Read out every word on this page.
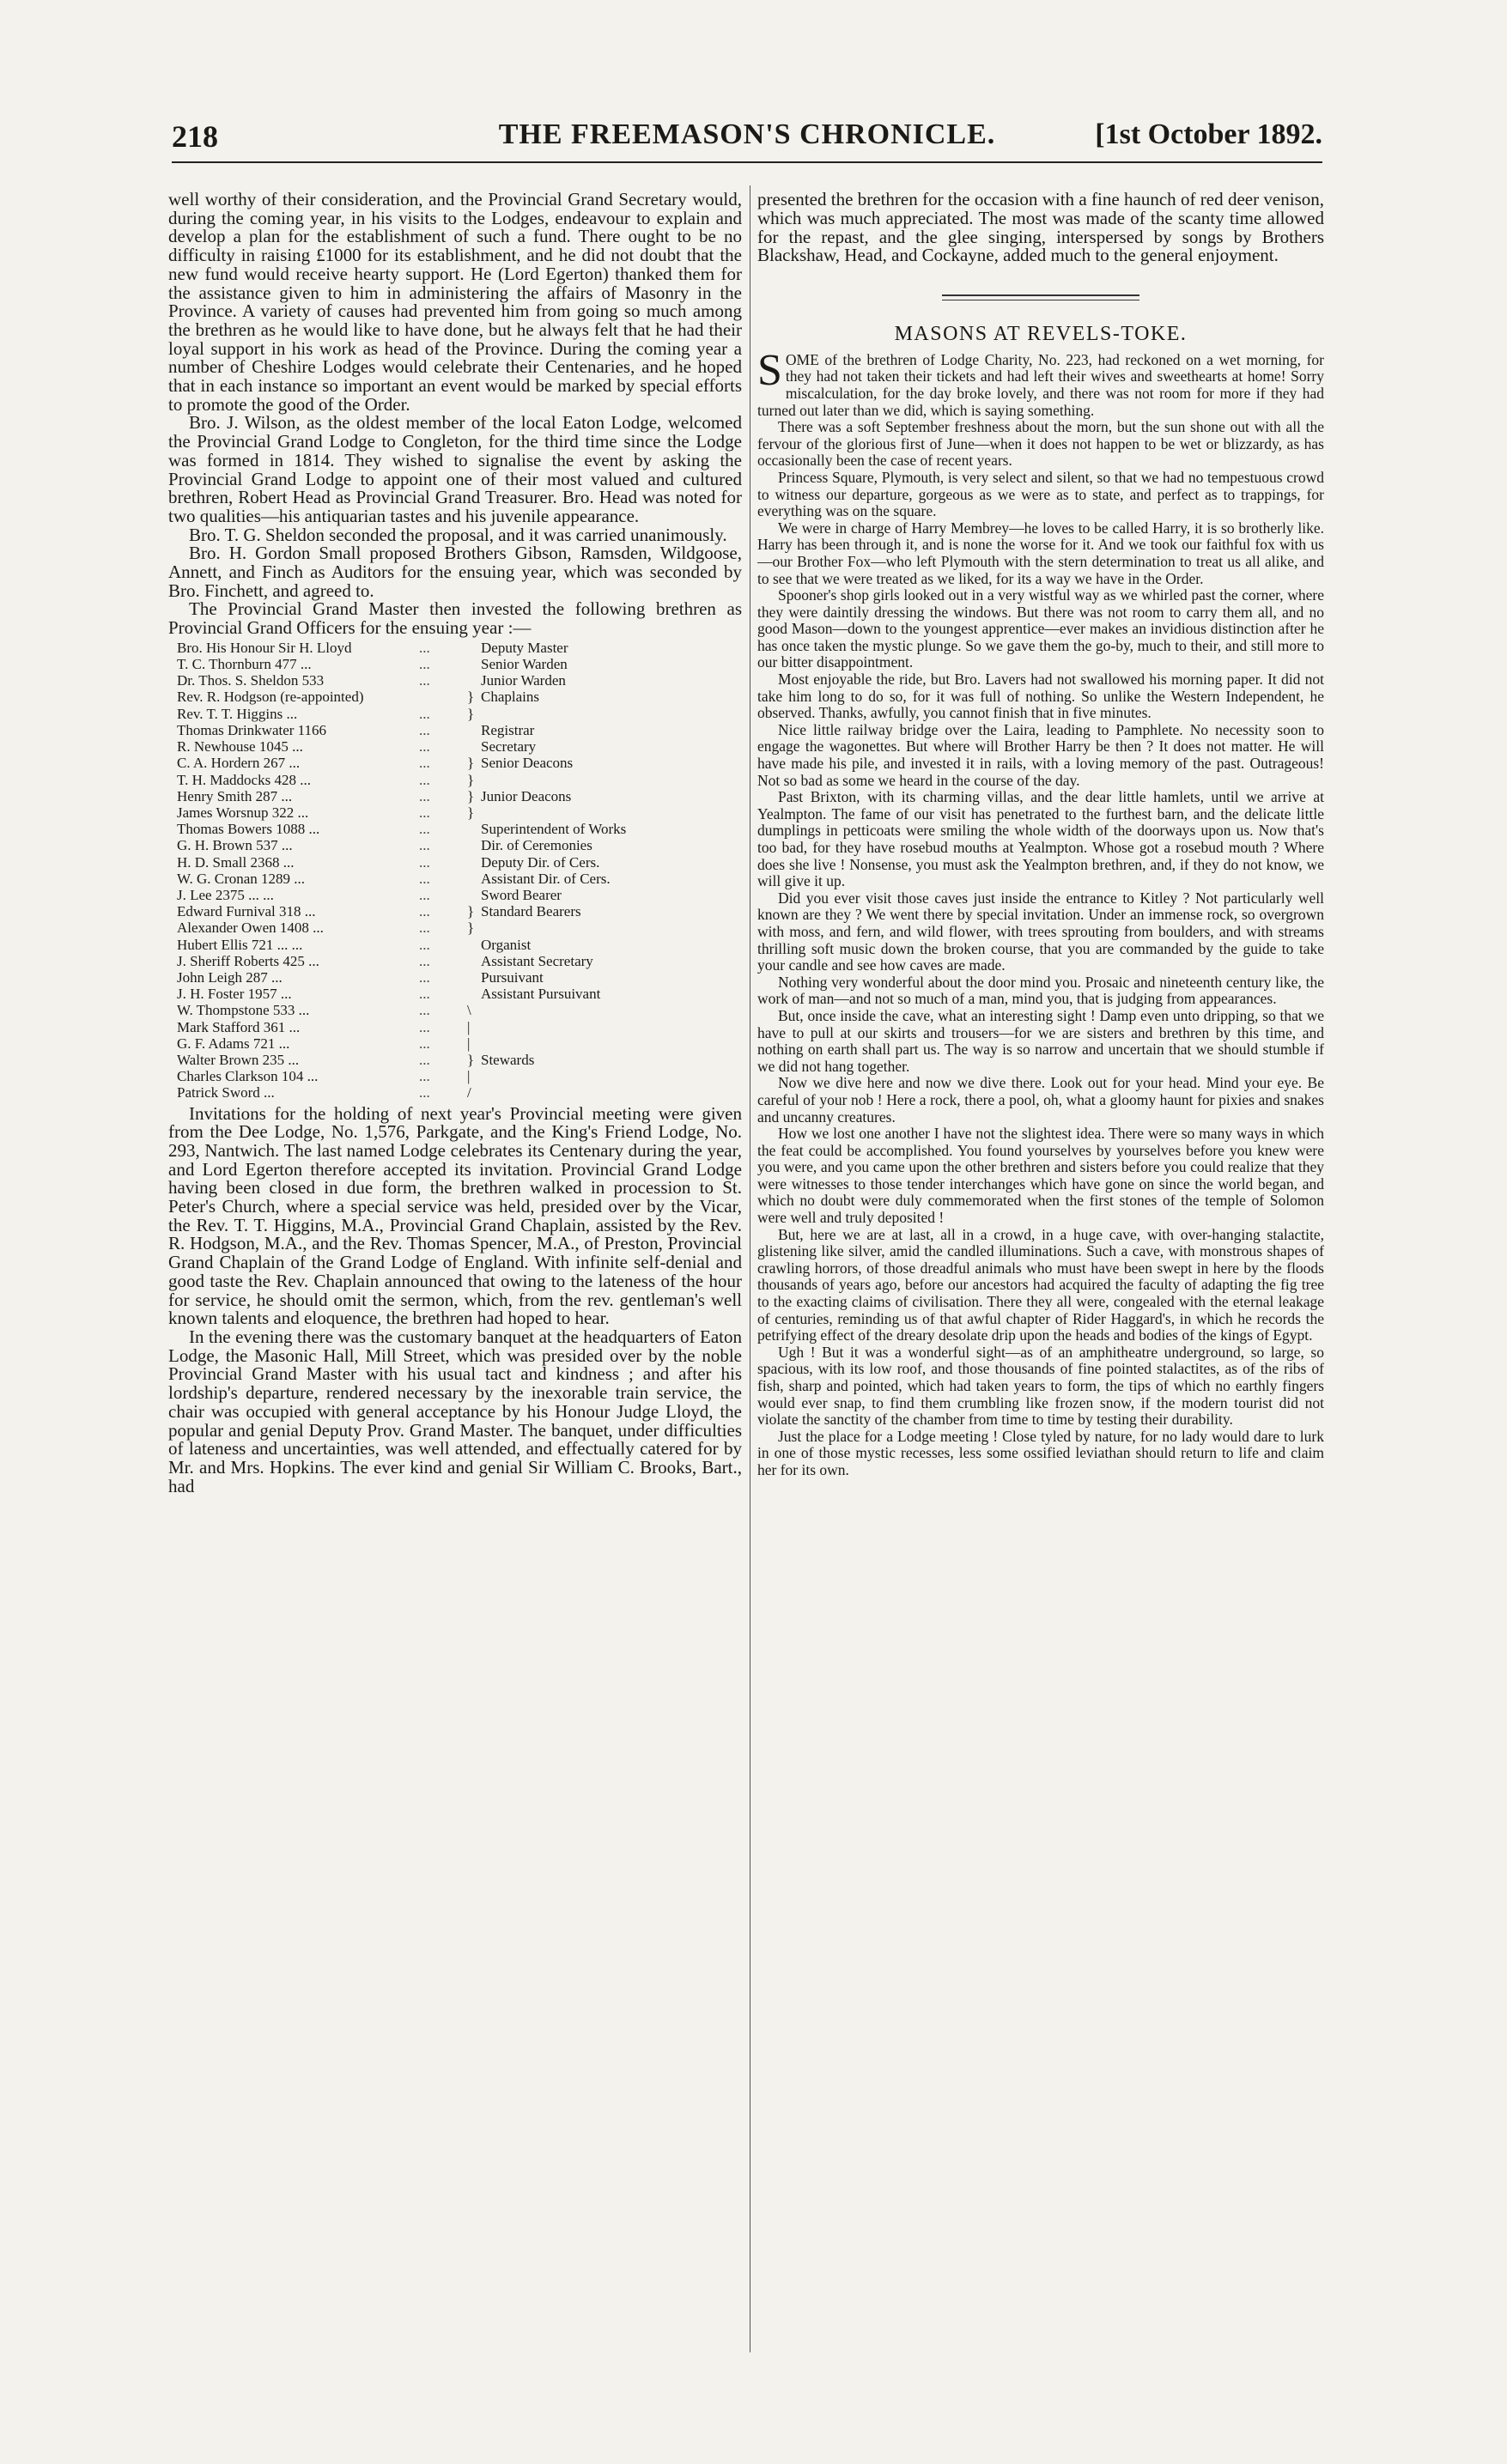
218	THE FREEMASON'S CHRONICLE.	[1st October 1892.

well worthy of their consideration, and the Provincial Grand Secretary would, during the coming year, in his visits to the Lodges, endeavour to explain and develop a plan for the establishment of such a fund. There ought to be no difficulty in raising £1000 for its establishment, and he did not doubt that the new fund would receive hearty support. He (Lord Egerton) thanked them for the assistance given to him in administering the affairs of Masonry in the Province. A variety of causes had prevented him from going so much among the brethren as he would like to have done, but he always felt that he had their loyal support in his work as head of the Province. During the coming year a number of Cheshire Lodges would celebrate their Centenaries, and he hoped that in each instance so important an event would be marked by special efforts to promote the good of the Order.

Bro. J. Wilson, as the oldest member of the local Eaton Lodge, welcomed the Provincial Grand Lodge to Congleton, for the third time since the Lodge was formed in 1814. They wished to signalise the event by asking the Provincial Grand Lodge to appoint one of their most valued and cultured brethren, Robert Head as Provincial Grand Treasurer. Bro. Head was noted for two qualities—his antiquarian tastes and his juvenile appearance.

Bro. T. G. Sheldon seconded the proposal, and it was carried unanimously.

Bro. H. Gordon Small proposed Brothers Gibson, Ramsden, Wildgoose, Annett, and Finch as Auditors for the ensuing year, which was seconded by Bro. Finchett, and agreed to.

The Provincial Grand Master then invested the following brethren as Provincial Grand Officers for the ensuing year :—

Bro. His Honour Sir H. Lloyd	...		Deputy Master
T. C. Thornburn 477 ...	...		Senior Warden
Dr. Thos. S. Sheldon 533	...		Junior Warden
Rev. R. Hodgson (re-appointed)		}	Chaplains
Rev. T. T. Higgins ...	...	}	
Thomas Drinkwater 1166	...		Registrar
R. Newhouse 1045 ...	...		Secretary
C. A. Hordern 267 ...	...	}	Senior Deacons
T. H. Maddocks 428 ...	...	}	
Henry Smith 287 ...	...	}	Junior Deacons
James Worsnup 322 ...	...	}	
Thomas Bowers 1088 ...	...		Superintendent of Works
G. H. Brown 537 ...	...		Dir. of Ceremonies
H. D. Small 2368 ...	...		Deputy Dir. of Cers.
W. G. Cronan 1289 ...	...		Assistant Dir. of Cers.
J. Lee 2375 ... ...	...		Sword Bearer
Edward Furnival 318 ...	...	}	Standard Bearers
Alexander Owen 1408 ...	...	}	
Hubert Ellis 721 ... ...	...		Organist
J. Sheriff Roberts 425 ...	...		Assistant Secretary
John Leigh 287 ...	...		Pursuivant
J. H. Foster 1957 ...	...		Assistant Pursuivant
W. Thompstone 533 ...	...	\	
Mark Stafford 361 ...	...	|	
G. F. Adams 721 ...	...	|	
Walter Brown 235 ...	...	}	Stewards
Charles Clarkson 104 ...	...	|	
Patrick Sword ...	...	/	

Invitations for the holding of next year's Provincial meeting were given from the Dee Lodge, No. 1,576, Parkgate, and the King's Friend Lodge, No. 293, Nantwich. The last named Lodge celebrates its Centenary during the year, and Lord Egerton therefore accepted its invitation. Provincial Grand Lodge having been closed in due form, the brethren walked in procession to St. Peter's Church, where a special service was held, presided over by the Vicar, the Rev. T. T. Higgins, M.A., Provincial Grand Chaplain, assisted by the Rev. R. Hodgson, M.A., and the Rev. Thomas Spencer, M.A., of Preston, Provincial Grand Chaplain of the Grand Lodge of England. With infinite self-denial and good taste the Rev. Chaplain announced that owing to the lateness of the hour for service, he should omit the sermon, which, from the rev. gentleman's well known talents and eloquence, the brethren had hoped to hear.

In the evening there was the customary banquet at the headquarters of Eaton Lodge, the Masonic Hall, Mill Street, which was presided over by the noble Provincial Grand Master with his usual tact and kindness ; and after his lordship's departure, rendered necessary by the inexorable train service, the chair was occupied with general acceptance by his Honour Judge Lloyd, the popular and genial Deputy Prov. Grand Master. The banquet, under difficulties of lateness and uncertainties, was well attended, and effectually catered for by Mr. and Mrs. Hopkins. The ever kind and genial Sir William C. Brooks, Bart., had

presented the brethren for the occasion with a fine haunch of red deer venison, which was much appreciated. The most was made of the scanty time allowed for the repast, and the glee singing, interspersed by songs by Brothers Blackshaw, Head, and Cockayne, added much to the general enjoyment.

MASONS AT REVELS-TOKE.

SOME of the brethren of Lodge Charity, No. 223, had reckoned on a wet morning, for they had not taken their tickets and had left their wives and sweethearts at home! Sorry miscalculation, for the day broke lovely, and there was not room for more if they had turned out later than we did, which is saying something.

There was a soft September freshness about the morn, but the sun shone out with all the fervour of the glorious first of June—when it does not happen to be wet or blizzardy, as has occasionally been the case of recent years.

Princess Square, Plymouth, is very select and silent, so that we had no tempestuous crowd to witness our departure, gorgeous as we were as to state, and perfect as to trappings, for everything was on the square.

We were in charge of Harry Membrey—he loves to be called Harry, it is so brotherly like. Harry has been through it, and is none the worse for it. And we took our faithful fox with us—our Brother Fox—who left Plymouth with the stern determination to treat us all alike, and to see that we were treated as we liked, for its a way we have in the Order.

Spooner's shop girls looked out in a very wistful way as we whirled past the corner, where they were daintily dressing the windows. But there was not room to carry them all, and no good Mason—down to the youngest apprentice—ever makes an invidious distinction after he has once taken the mystic plunge. So we gave them the go-by, much to their, and still more to our bitter disappointment.

Most enjoyable the ride, but Bro. Lavers had not swallowed his morning paper. It did not take him long to do so, for it was full of nothing. So unlike the Western Independent, he observed. Thanks, awfully, you cannot finish that in five minutes.

Nice little railway bridge over the Laira, leading to Pamphlete. No necessity soon to engage the wagonettes. But where will Brother Harry be then ? It does not matter. He will have made his pile, and invested it in rails, with a loving memory of the past. Outrageous! Not so bad as some we heard in the course of the day.

Past Brixton, with its charming villas, and the dear little hamlets, until we arrive at Yealmpton. The fame of our visit has penetrated to the furthest barn, and the delicate little dumplings in petticoats were smiling the whole width of the doorways upon us. Now that's too bad, for they have rosebud mouths at Yealmpton. Whose got a rosebud mouth ? Where does she live ! Nonsense, you must ask the Yealmpton brethren, and, if they do not know, we will give it up.

Did you ever visit those caves just inside the entrance to Kitley ? Not particularly well known are they ? We went there by special invitation. Under an immense rock, so overgrown with moss, and fern, and wild flower, with trees sprouting from boulders, and with streams thrilling soft music down the broken course, that you are commanded by the guide to take your candle and see how caves are made.

Nothing very wonderful about the door mind you. Prosaic and nineteenth century like, the work of man—and not so much of a man, mind you, that is judging from appearances.

But, once inside the cave, what an interesting sight ! Damp even unto dripping, so that we have to pull at our skirts and trousers—for we are sisters and brethren by this time, and nothing on earth shall part us. The way is so narrow and uncertain that we should stumble if we did not hang together.

Now we dive here and now we dive there. Look out for your head. Mind your eye. Be careful of your nob ! Here a rock, there a pool, oh, what a gloomy haunt for pixies and snakes and uncanny creatures.

How we lost one another I have not the slightest idea. There were so many ways in which the feat could be accomplished. You found yourselves by yourselves before you knew were you were, and you came upon the other brethren and sisters before you could realize that they were witnesses to those tender interchanges which have gone on since the world began, and which no doubt were duly commemorated when the first stones of the temple of Solomon were well and truly deposited !

But, here we are at last, all in a crowd, in a huge cave, with over-hanging stalactite, glistening like silver, amid the candled illuminations. Such a cave, with monstrous shapes of crawling horrors, of those dreadful animals who must have been swept in here by the floods thousands of years ago, before our ancestors had acquired the faculty of adapting the fig tree to the exacting claims of civilisation. There they all were, congealed with the eternal leakage of centuries, reminding us of that awful chapter of Rider Haggard's, in which he records the petrifying effect of the dreary desolate drip upon the heads and bodies of the kings of Egypt.

Ugh ! But it was a wonderful sight—as of an amphitheatre underground, so large, so spacious, with its low roof, and those thousands of fine pointed stalactites, as of the ribs of fish, sharp and pointed, which had taken years to form, the tips of which no earthly fingers would ever snap, to find them crumbling like frozen snow, if the modern tourist did not violate the sanctity of the chamber from time to time by testing their durability.

Just the place for a Lodge meeting ! Close tyled by nature, for no lady would dare to lurk in one of those mystic recesses, less some ossified leviathan should return to life and claim her for its own.
